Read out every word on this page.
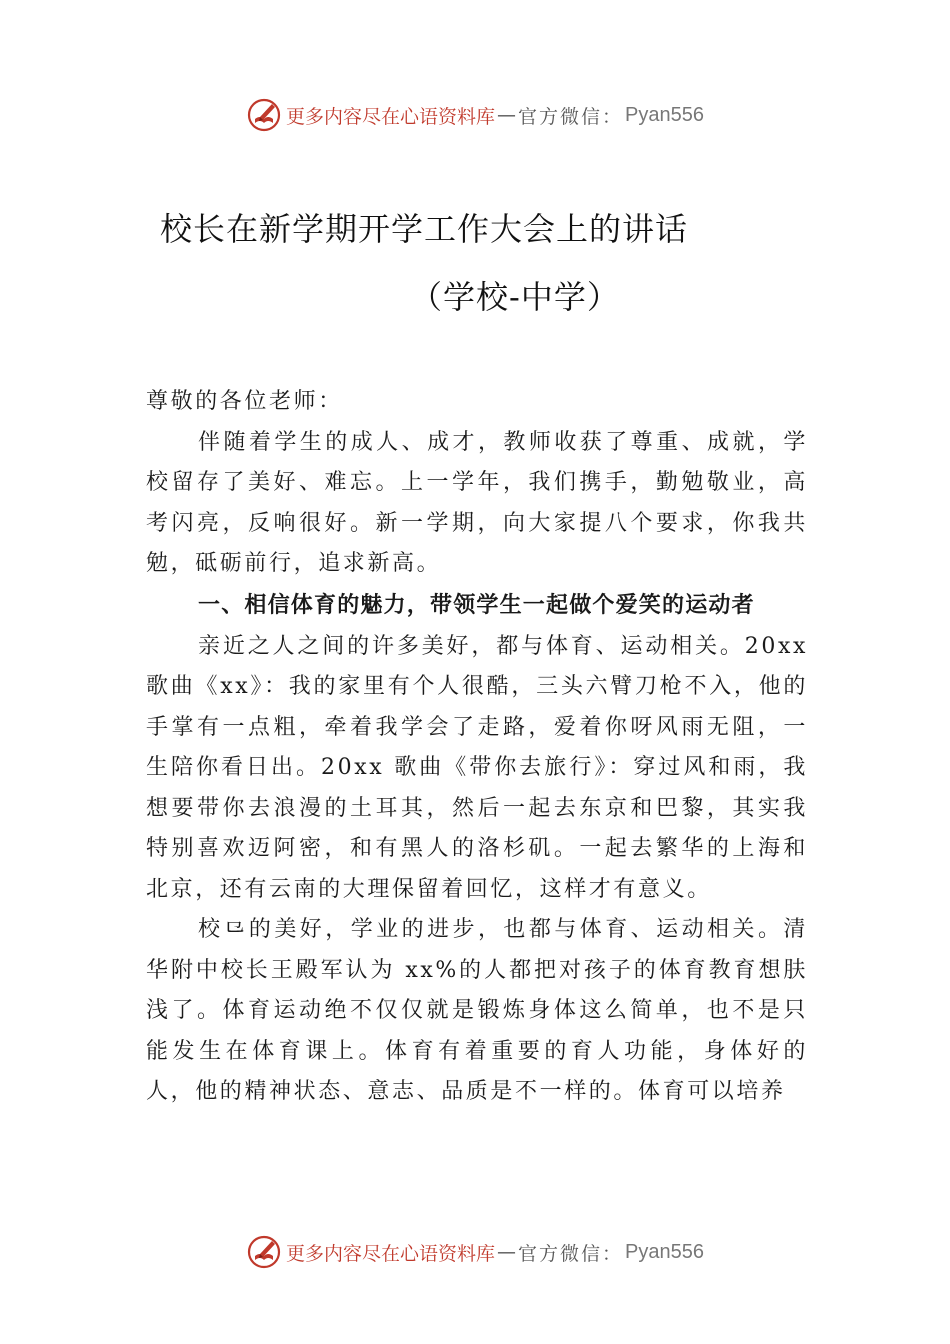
更多内容尽在心语资料库 — 官方微信： Pyan556
校长在新学期开学工作大会上的讲话
（学校-中学）

尊敬的各位老师：

伴随着学生的成人、成才，教师收获了尊重、成就，学校留存了美好、难忘。上一学年，我们携手，勤勉敬业，高考闪亮，反响很好。新一学期，向大家提八个要求，你我共勉，砥砺前行，追求新高。

一、相信体育的魅力，带领学生一起做个爱笑的运动者

亲近之人之间的许多美好，都与体育、运动相关。20xx歌曲《xx》：我的家里有个人很酷，三头六臂刀枪不入，他的手掌有一点粗，牵着我学会了走路，爱着你呀风雨无阻，一生陪你看日出。20xx 歌曲《带你去旅行》：穿过风和雨，我想要带你去浪漫的土耳其，然后一起去东京和巴黎，其实我特别喜欢迈阿密，和有黑人的洛杉矶。一起去繁华的上海和北京，还有云南的大理保留着回忆，这样才有意义。

校⺋的美好，学业的进步，也都与体育、运动相关。清华附中校长王殿军认为 xx%的人都把对孩子的体育教育想肤浅了。体育运动绝不仅仅就是锻炼身体这么简单，也不是只能发生在体育课上。体育有着重要的育人功能，身体好的人，他的精神状态、意志、品质是不一样的。体育可以培养

更多内容尽在心语资料库 — 官方微信： Pyan556
